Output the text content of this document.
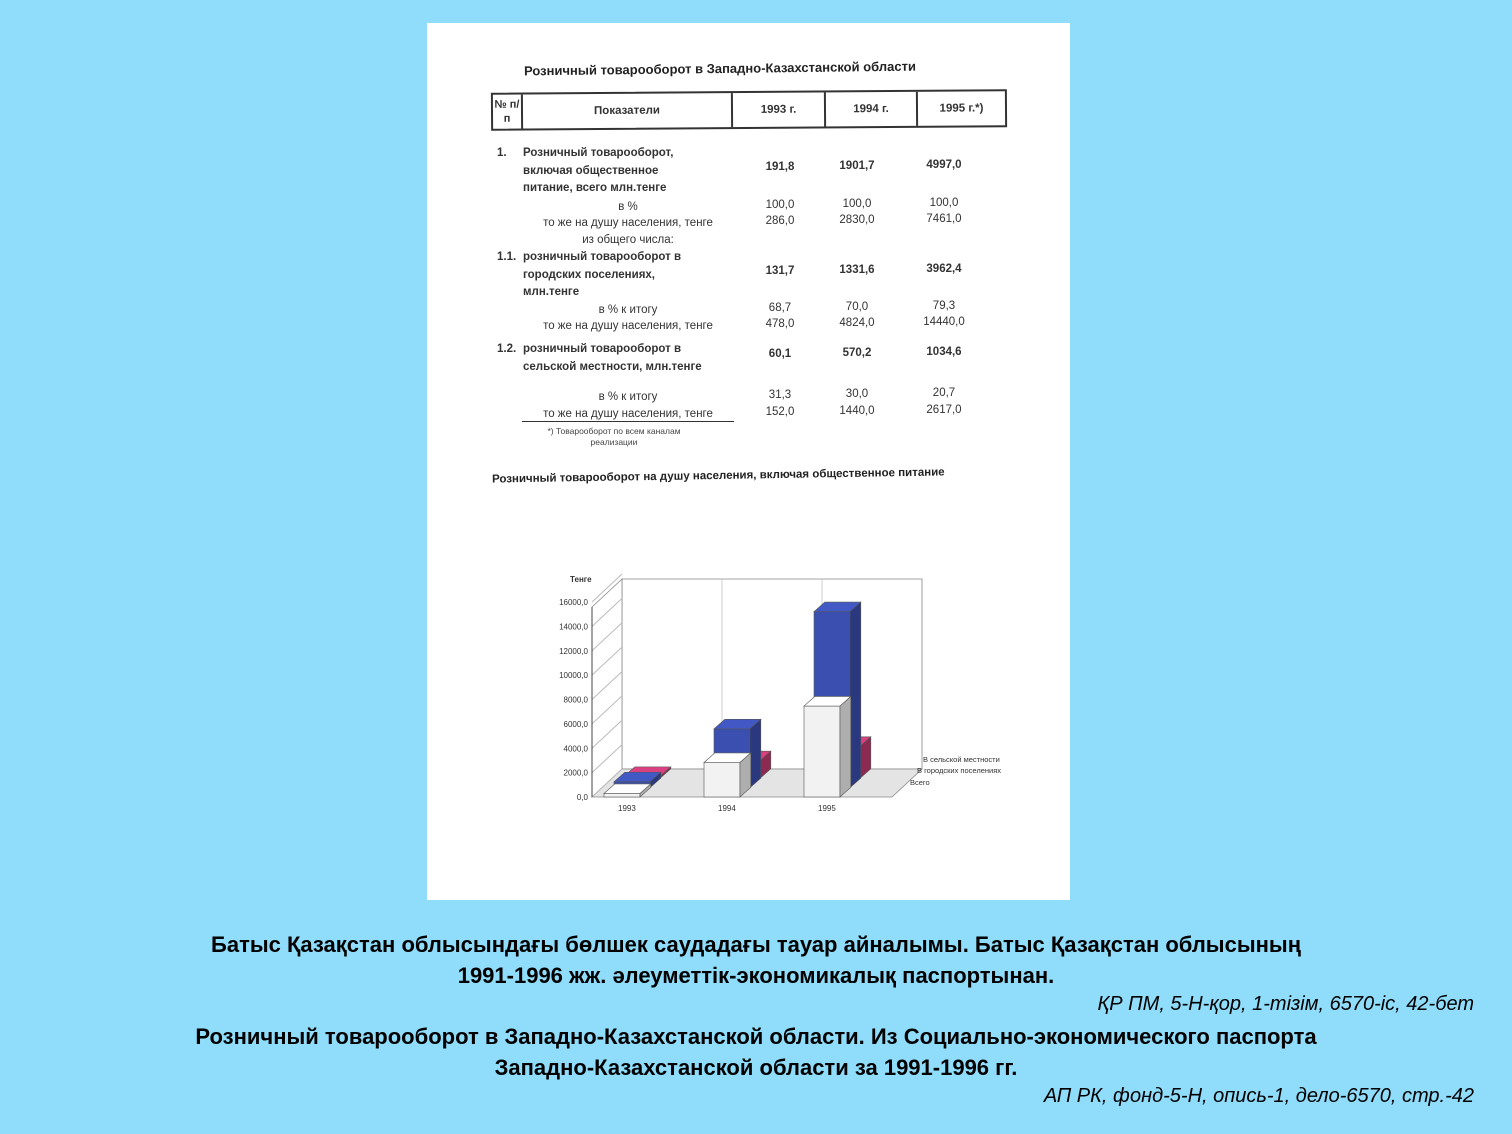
Розничный товарооборот в Западно-Казахстанской области
№ п/п
Показатели	1993 г.	1994 г.	1995 г.*)
1. Розничный товарооборот,
включая общественное
питание, всего млн.тенге
191,8	1901,7	4997,0
в %	100,0	100,0	100,0
то же на душу населения, тенге	286,0	2830,0	7461,0
из общего числа:
1.1. розничный товарооборот в
городских поселениях,
млн.тенге
131,7	1331,6	3962,4
в % к итогу	68,7	70,0	79,3
то же на душу населения, тенге	478,0	4824,0	14440,0
1.2. розничный товарооборот в
сельской местности, млн.тенге
60,1	570,2	1034,6
в % к итогу	31,3	30,0	20,7
то же на душу населения, тенге	152,0	1440,0	2617,0
*) Товарооборот по всем каналам реализации
Розничный товарооборот на душу населения, включая общественное питание
0,0
2000,0
4000,0
6000,0
8000,0
10000,0
12000,0
14000,0
16000,0
Тенге
1993	1994	1995
Всего
В городских поселениях
В сельской местности
Батыс Қазақстан облысындағы бөлшек саудадағы тауар айналымы. Батыс Қазақстан облысының
1991-1996 жж. әлеуметтік-экономикалық паспортынан.
ҚР ПМ, 5-Н-қор, 1-тізім, 6570-іс, 42-бет
Розничный товарооборот в Западно-Казахстанской области. Из Социально-экономического паспорта
Западно-Казахстанской области за 1991-1996 гг.
АП РК, фонд-5-Н, опись-1, дело-6570, стр.-42
